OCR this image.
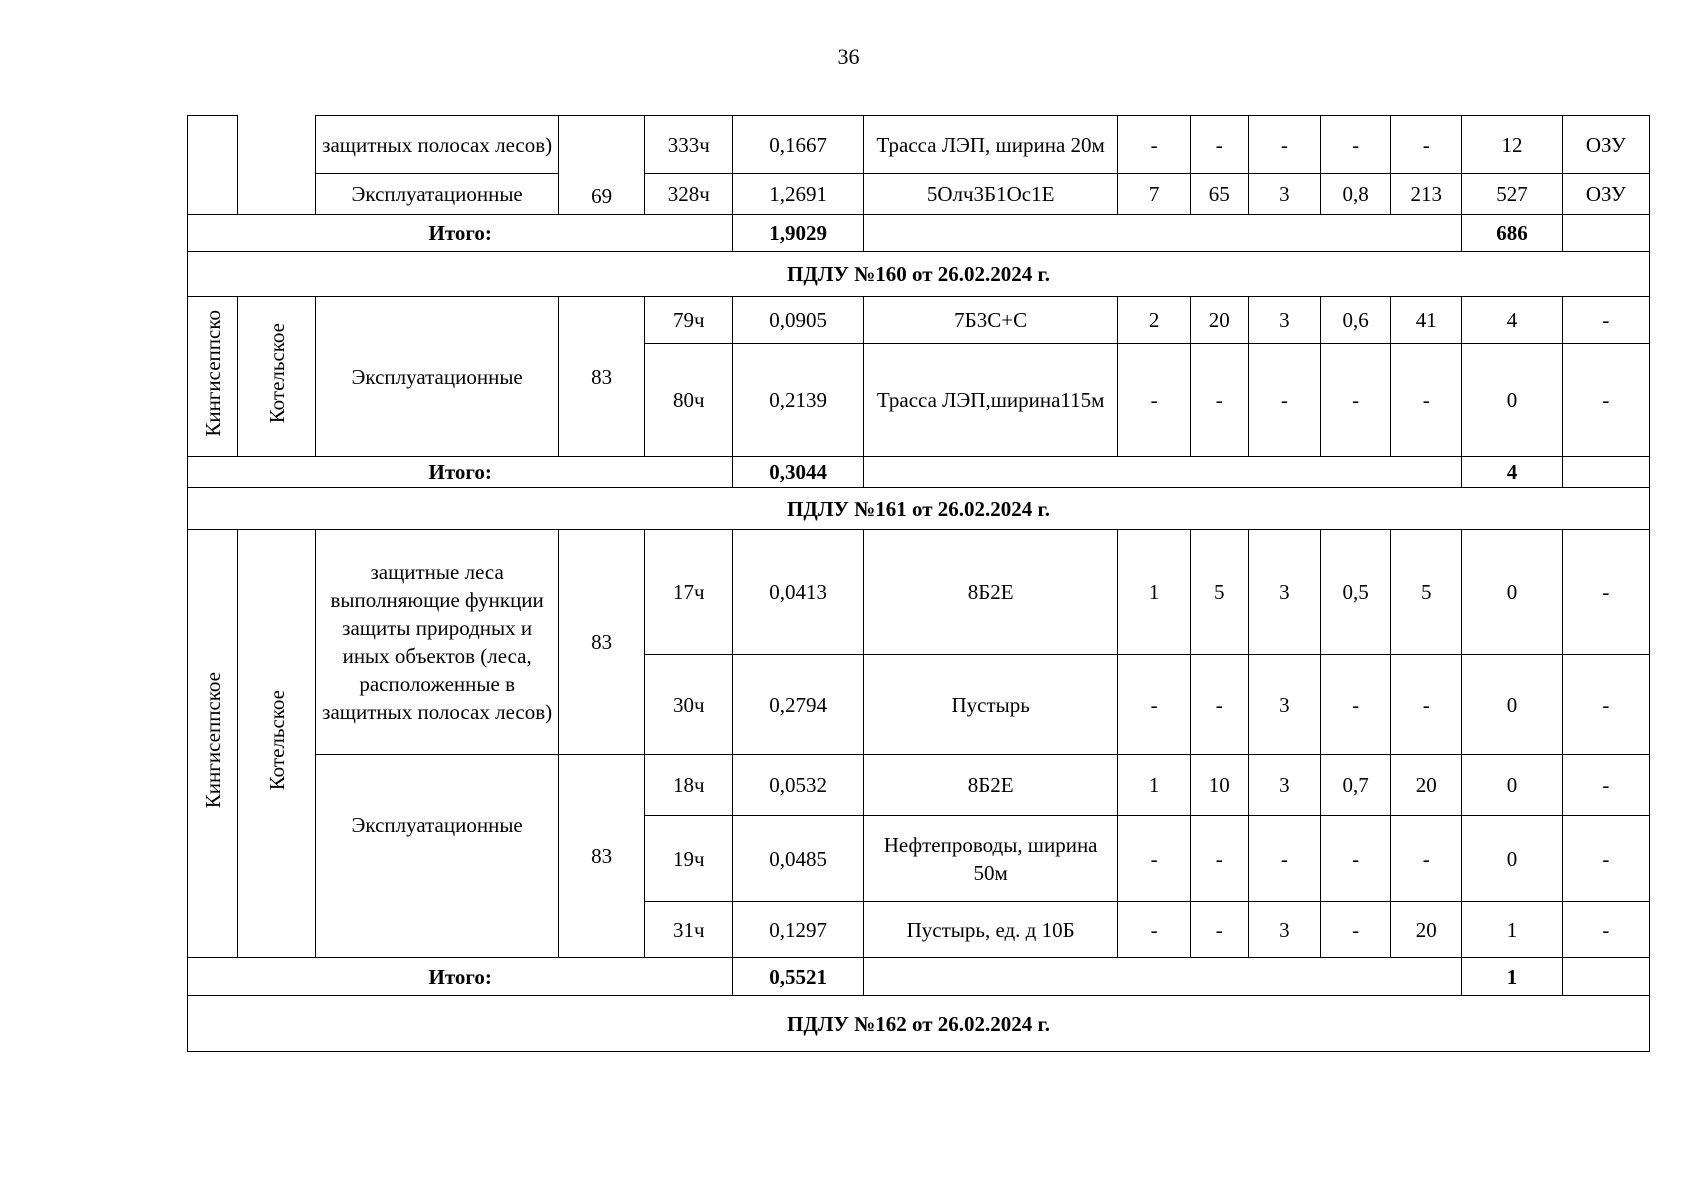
36
		защитных полосах лесов)	69	333ч	0,1667	Трасса ЛЭП, ширина 20м	-	-	-	-	-	12	ОЗУ
		Эксплуатационные		328ч	1,2691	5Олч3Б1Ос1Е	7	65	3	0,8	213	527	ОЗУ
Итого:					1,9029							686	
ПДЛУ №160 от 26.02.2024 г.													
Кингисеппско	Котельское	Эксплуатационные	83	79ч	0,0905	7Б3С+С	2	20	3	0,6	41	4	-
				80ч	0,2139	Трасса ЛЭП,ширина115м	-	-	-	-	-	0	-
Итого:					0,3044							4	
ПДЛУ №161 от 26.02.2024 г.													
Кингисеппское	Котельское	защитные леса выполняющие функции защиты природных и иных объектов (леса, расположенные в защитных полосах лесов)	83	17ч	0,0413	8Б2Е	1	5	3	0,5	5	0	-
				30ч	0,2794	Пустырь	-	-	3	-	-	0	-
		Эксплуатационные	83	18ч	0,0532	8Б2Е	1	10	3	0,7	20	0	-
				19ч	0,0485	Нефтепроводы, ширина 50м	-	-	-	-	-	0	-
				31ч	0,1297	Пустырь, ед. д 10Б	-	-	3	-	20	1	-
Итого:					0,5521							1	
ПДЛУ №162 от 26.02.2024 г.													
